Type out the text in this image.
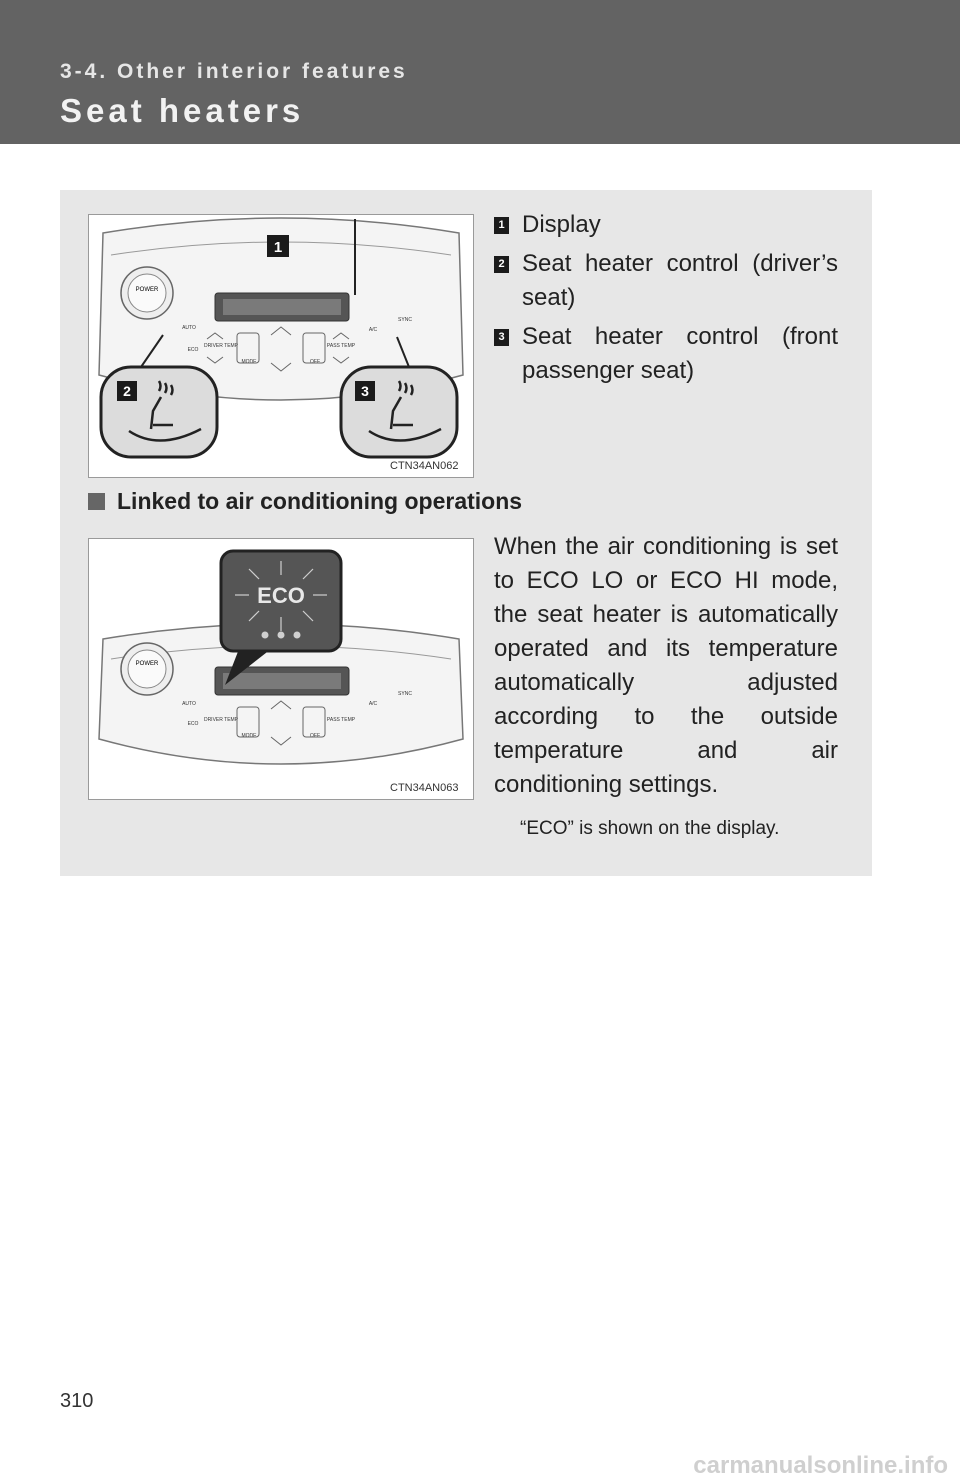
3-4. Other interior features
Seat heaters
POWER
AUTO
ECO
DRIVER TEMP
MODE	OFF
PASS TEMP
A/C
SYNC
1
2	3
CTN34AN062
1 Display
2 Seat heater control (driver’s seat)
3 Seat heater control (front passenger seat)
Linked to air conditioning operations
POWER
AUTO
ECO
DRIVER TEMP
MODE	OFF
PASS TEMP
A/C
SYNC
ECO
CTN34AN063
When the air conditioning is set to ECO LO or ECO HI mode, the seat heater is automatically operated and its temperature automatically adjusted according to the outside temperature and air conditioning settings.
“ECO” is shown on the display.
310
carmanualsonline.info
